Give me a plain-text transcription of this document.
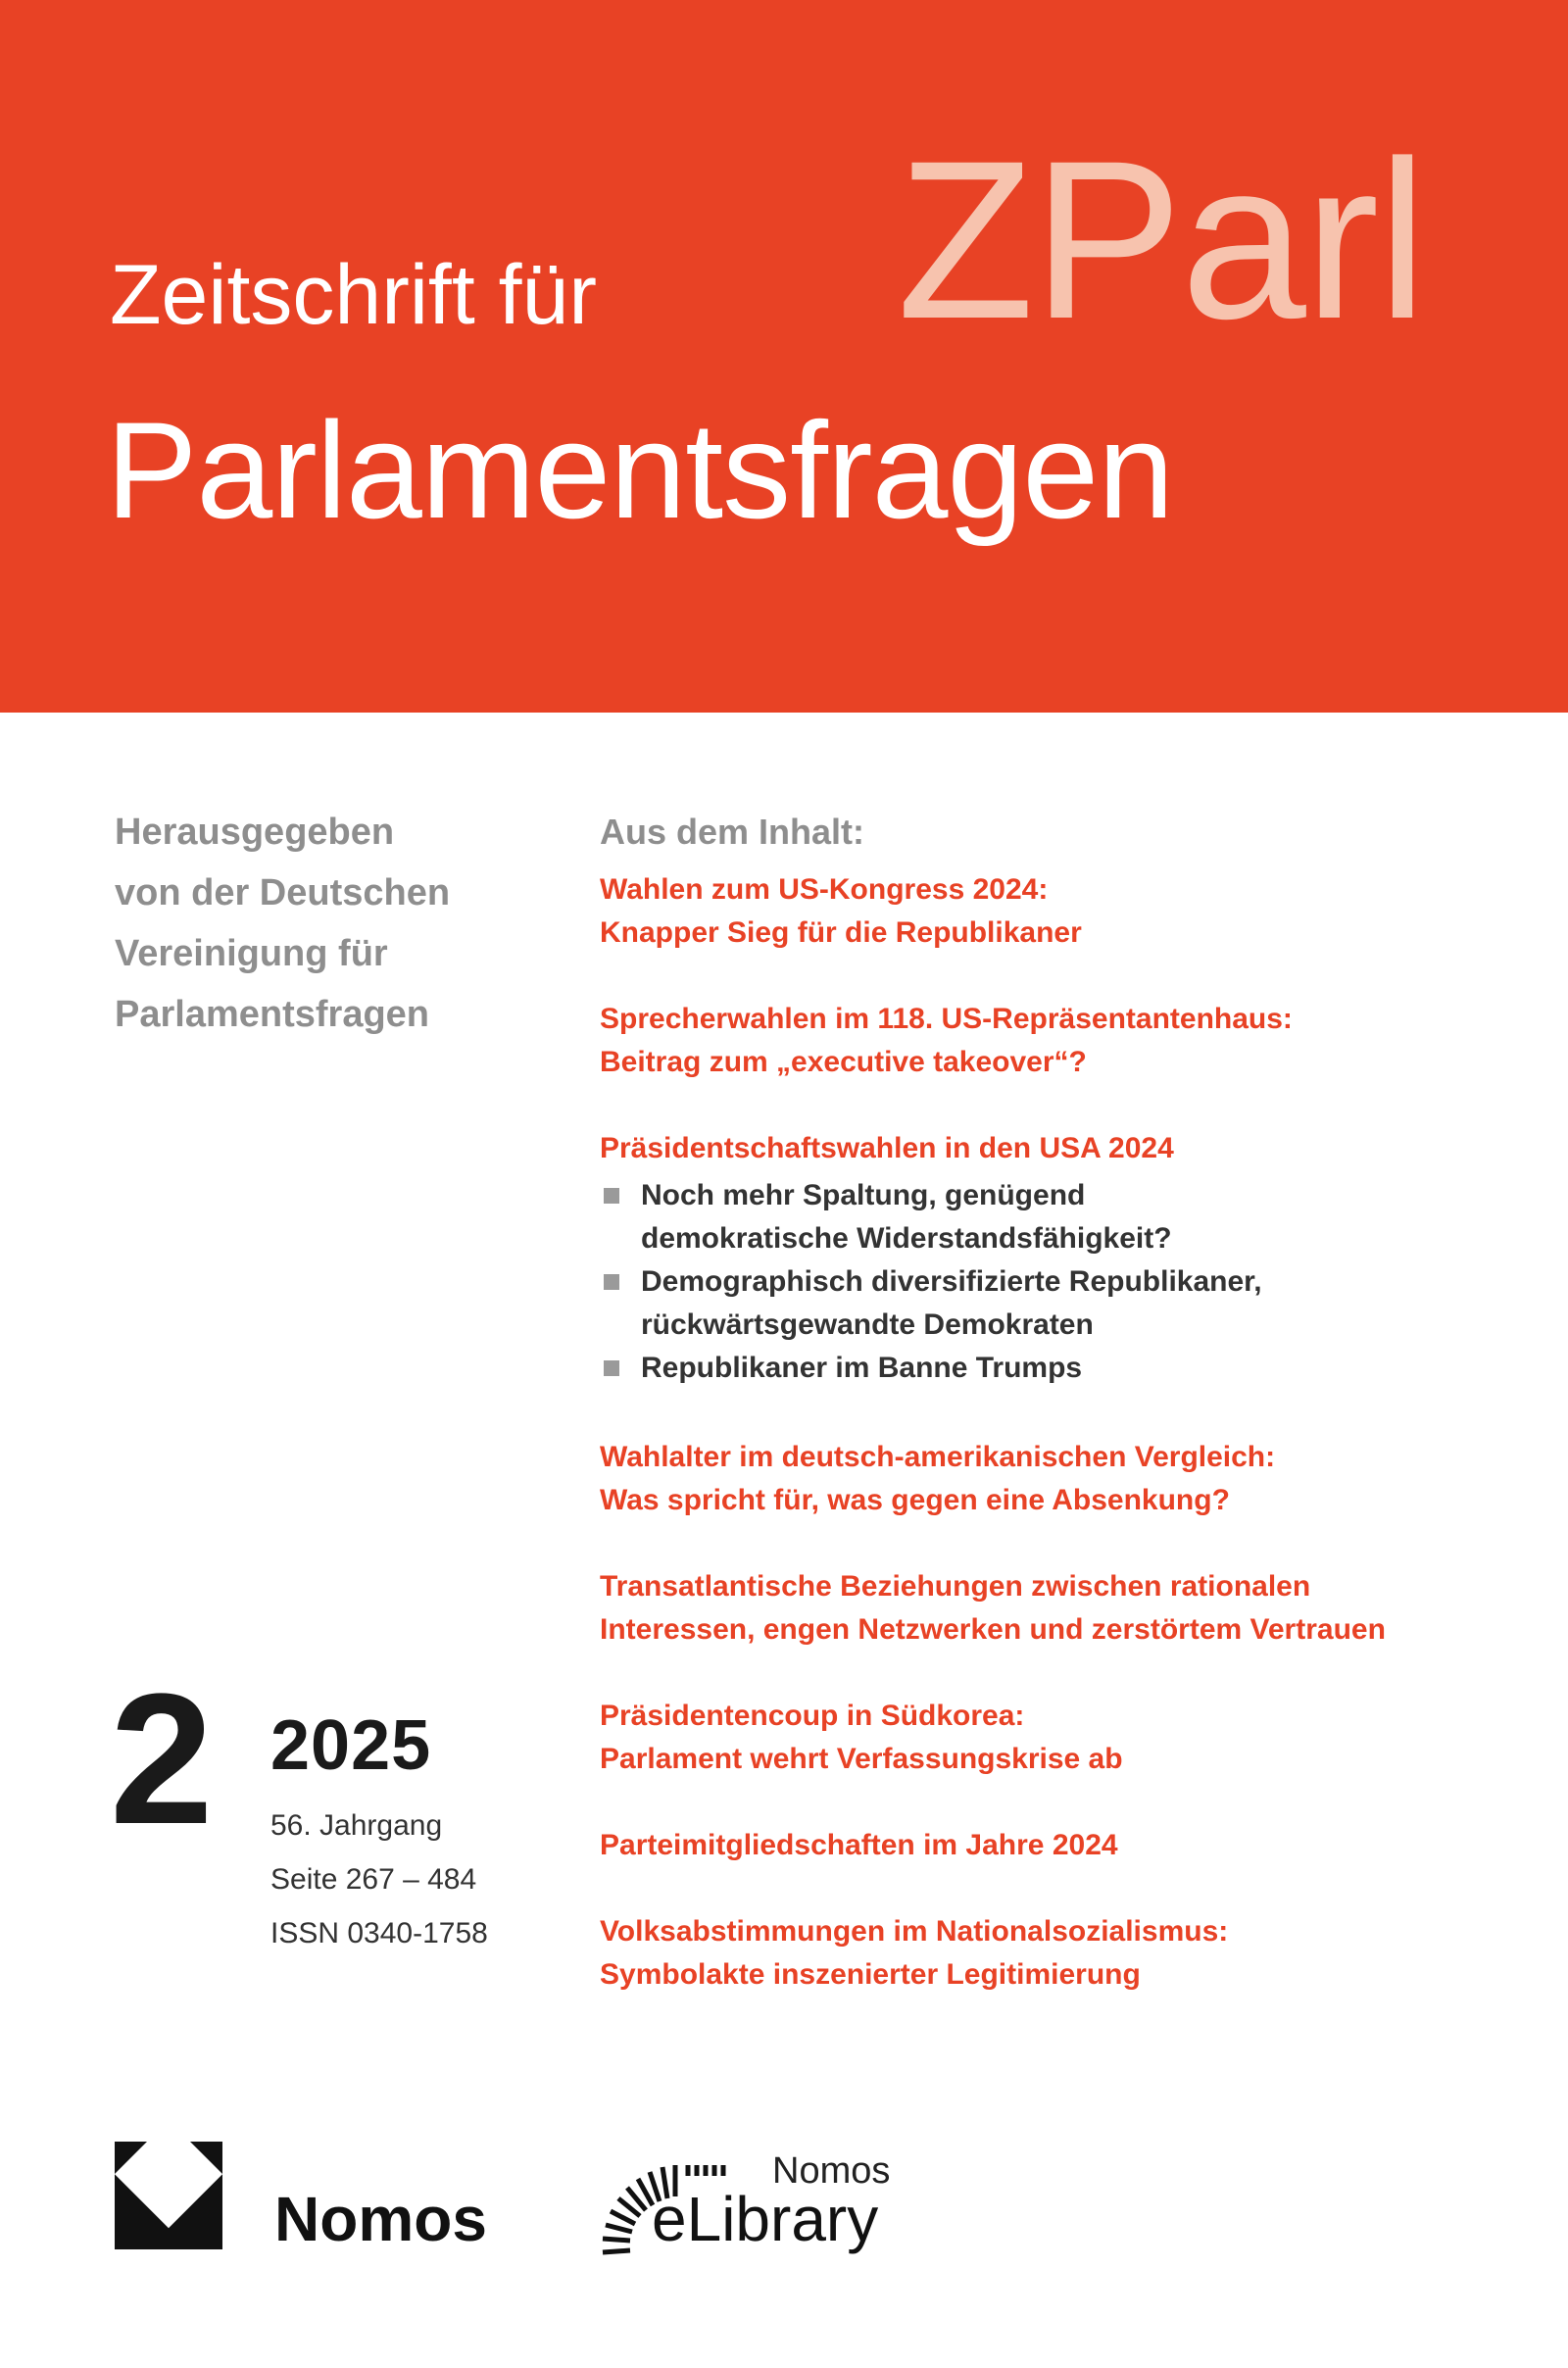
ZParl
Zeitschrift für
Parlamentsfragen
Herausgegeben
von der Deutschen
Vereinigung für
Parlamentsfragen
Aus dem Inhalt:
Wahlen zum US-Kongress 2024:
Knapper Sieg für die Republikaner
Sprecherwahlen im 118. US-Repräsentantenhaus:
Beitrag zum „executive takeover“?
Präsidentschaftswahlen in den USA 2024
Noch mehr Spaltung, genügend
demokratische Widerstandsfähigkeit?
Demographisch diversifizierte Republikaner,
rückwärtsgewandte Demokraten
Republikaner im Banne Trumps
Wahlalter im deutsch-amerikanischen Vergleich:
Was spricht für, was gegen eine Absenkung?
Transatlantische Beziehungen zwischen rationalen
Interessen, engen Netzwerken und zerstörtem Vertrauen
Präsidentencoup in Südkorea:
Parlament wehrt Verfassungskrise ab
Parteimitgliedschaften im Jahre 2024
Volksabstimmungen im Nationalsozialismus:
Symbolakte inszenierter Legitimierung
2 2025
56. Jahrgang
Seite 267 – 484
ISSN 0340-1758
Nomos
Nomos
eLibrary
